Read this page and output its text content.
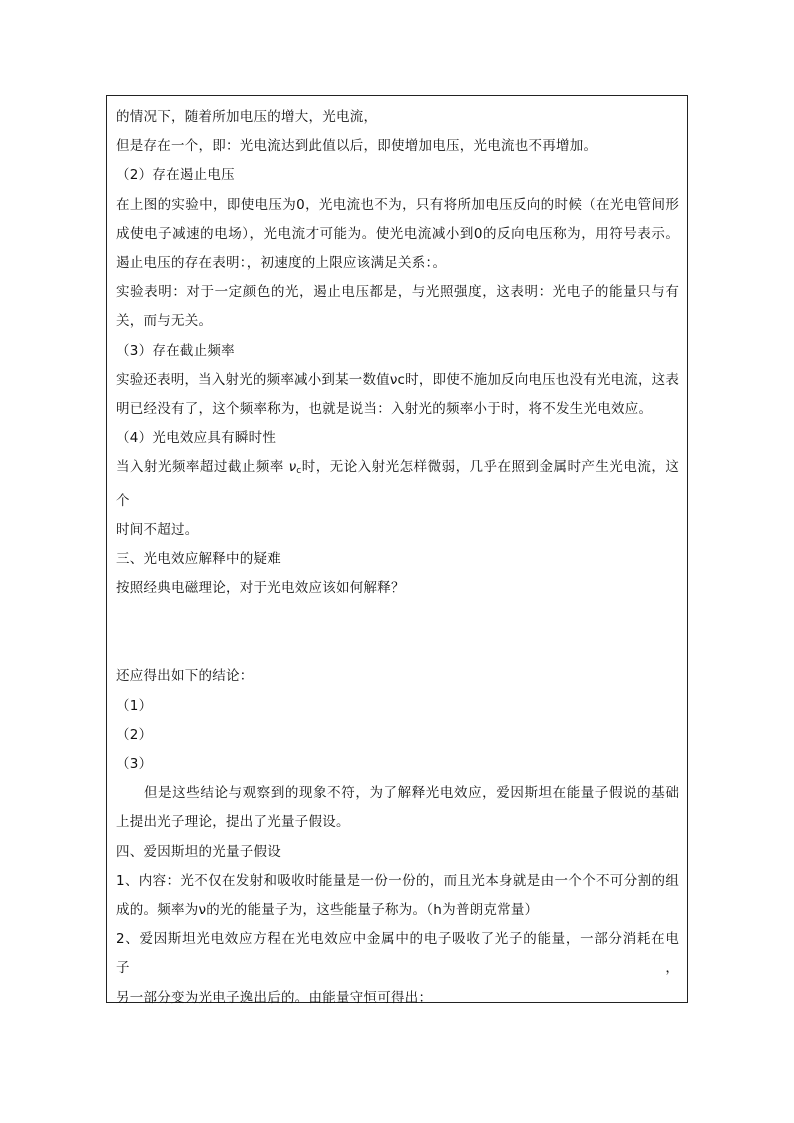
的情况下，随着所加电压的增大，光电流，
但是存在一个，即：光电流达到此值以后，即使增加电压，光电流也不再增加。
（2）存在遏止电压
在上图的实验中，即使电压为0，光电流也不为，只有将所加电压反向的时候（在光电管间形
成使电子减速的电场），光电流才可能为。使光电流减小到0的反向电压称为，用符号表示。
遏止电压的存在表明：，初速度的上限应该满足关系：。
实验表明：对于一定颜色的光，遏止电压都是，与光照强度，这表明：光电子的能量只与有
关，而与无关。
（3）存在截止频率
实验还表明，当入射光的频率减小到某一数值νc时，即使不施加反向电压也没有光电流，这表
明已经没有了，这个频率称为，也就是说当：入射光的频率小于时，将不发生光电效应。
（4）光电效应具有瞬时性
当入射光频率超过截止频率 $\nu_c$时，无论入射光怎样微弱，几乎在照到金属时产生光电流，这个
时间不超过。
三、光电效应解释中的疑难
按照经典电磁理论，对于光电效应该如何解释？
还应得出如下的结论：
（1）
（2）
（3）
但是这些结论与观察到的现象不符，为了解释光电效应，爱因斯坦在能量子假说的基础
上提出光子理论，提出了光量子假设。
四、爱因斯坦的光量子假设
1、内容：光不仅在发射和吸收时能量是一份一份的，而且光本身就是由一个个不可分割的组
成的。频率为ν的光的能量子为，这些能量子称为。（h为普朗克常量）
2、爱因斯坦光电效应方程在光电效应中金属中的电子吸收了光子的能量，一部分消耗在电子，
另一部分变为光电子逸出后的。由能量守恒可得出：
